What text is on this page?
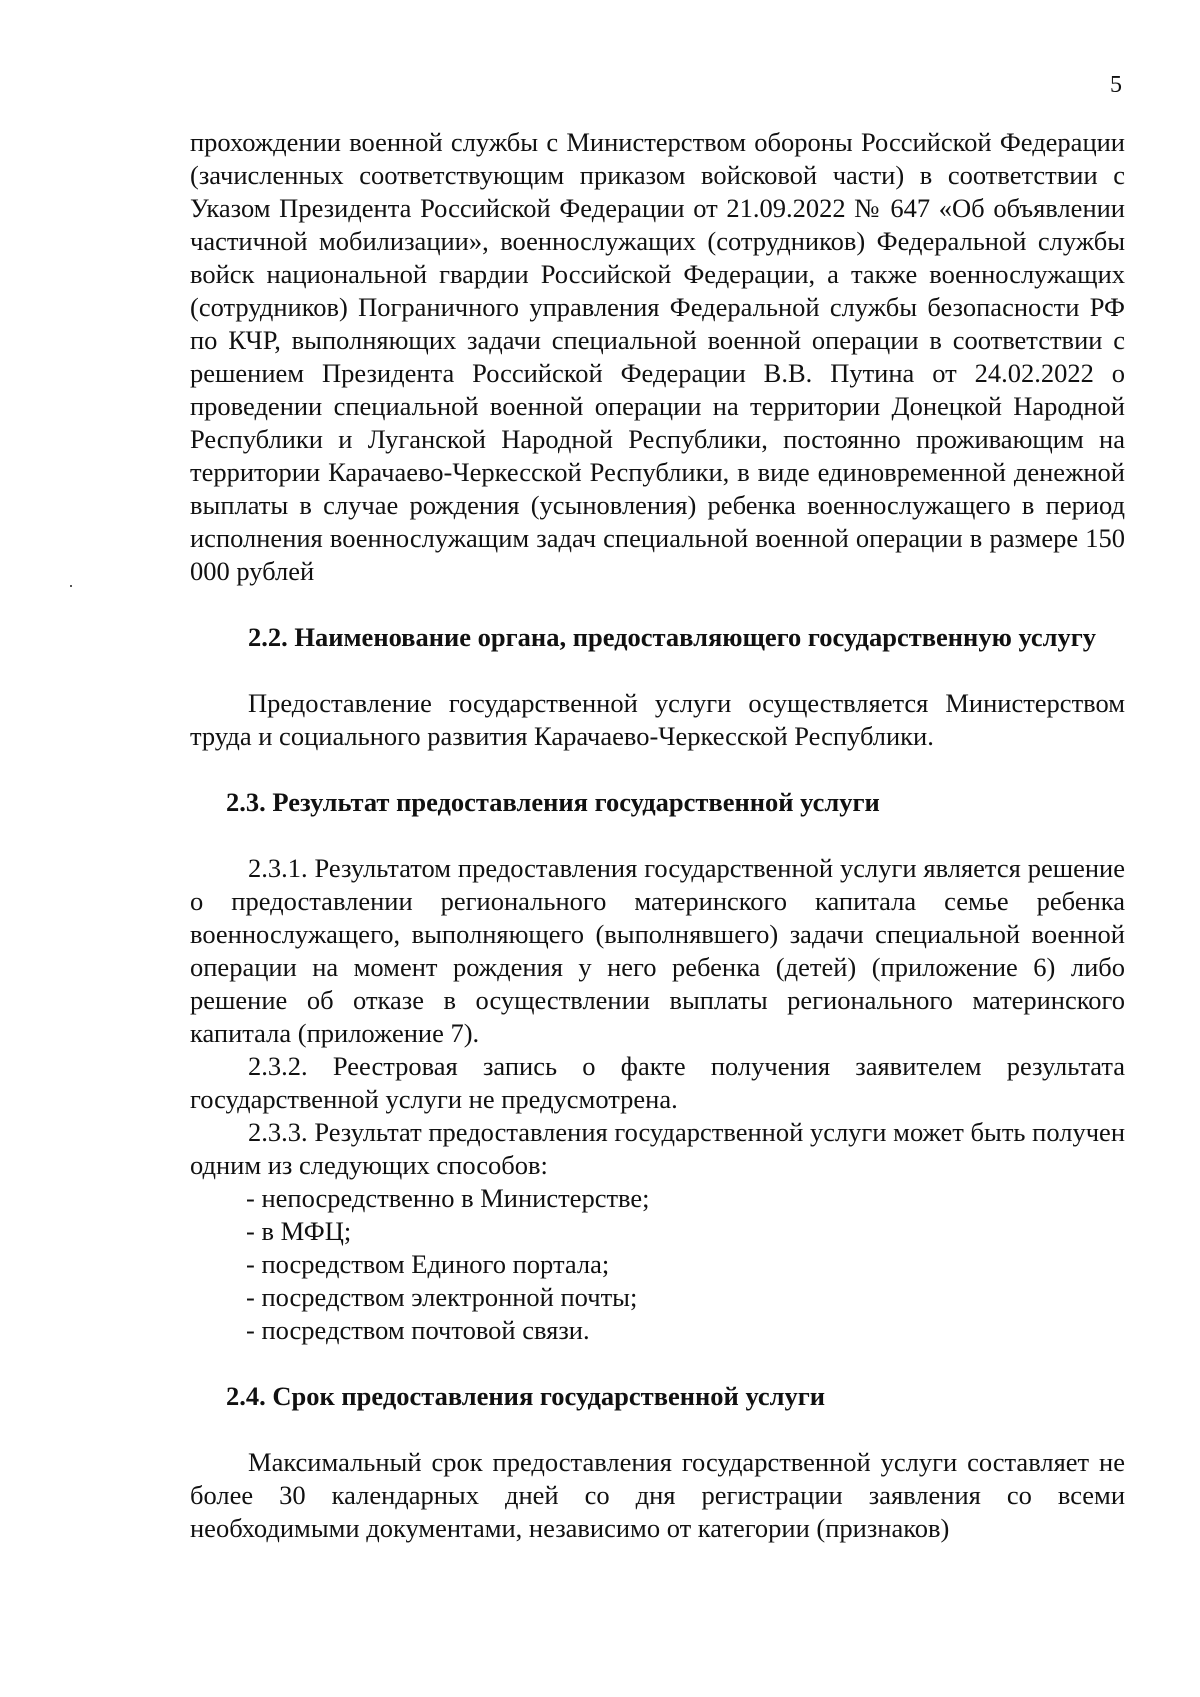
5

прохождении военной службы с Министерством обороны Российской Федерации (зачисленных соответствующим приказом войсковой части) в соответствии с Указом Президента Российской Федерации от 21.09.2022 № 647 «Об объявлении частичной мобилизации», военнослужащих (сотрудников) Федеральной службы войск национальной гвардии Российской Федерации, а также военнослужащих (сотрудников) Пограничного управления Федеральной службы безопасности РФ по КЧР, выполняющих задачи специальной военной операции в соответствии с решением Президента Российской Федерации В.В. Путина от 24.02.2022 о проведении специальной военной операции на территории Донецкой Народной Республики и Луганской Народной Республики, постоянно проживающим на территории Карачаево-Черкесской Республики, в виде единовременной денежной выплаты в случае рождения (усыновления) ребенка военнослужащего в период исполнения военнослужащим задач специальной военной операции в размере 150 000 рублей

2.2. Наименование органа, предоставляющего государственную услугу

Предоставление государственной услуги осуществляется Министерством труда и социального развития Карачаево-Черкесской Республики.

2.3. Результат предоставления государственной услуги

2.3.1. Результатом предоставления государственной услуги является решение о предоставлении регионального материнского капитала семье ребенка военнослужащего, выполняющего (выполнявшего) задачи специальной военной операции на момент рождения у него ребенка (детей) (приложение 6) либо решение об отказе в осуществлении выплаты регионального материнского капитала (приложение 7).

2.3.2. Реестровая запись о факте получения заявителем результата государственной услуги не предусмотрена.

2.3.3. Результат предоставления государственной услуги может быть получен одним из следующих способов:

- непосредственно в Министерстве;
- в МФЦ;
- посредством Единого портала;
- посредством электронной почты;
- посредством почтовой связи.

2.4. Срок предоставления государственной услуги

Максимальный срок предоставления государственной услуги составляет не более 30 календарных дней со дня регистрации заявления со всеми необходимыми документами, независимо от категории (признаков)
